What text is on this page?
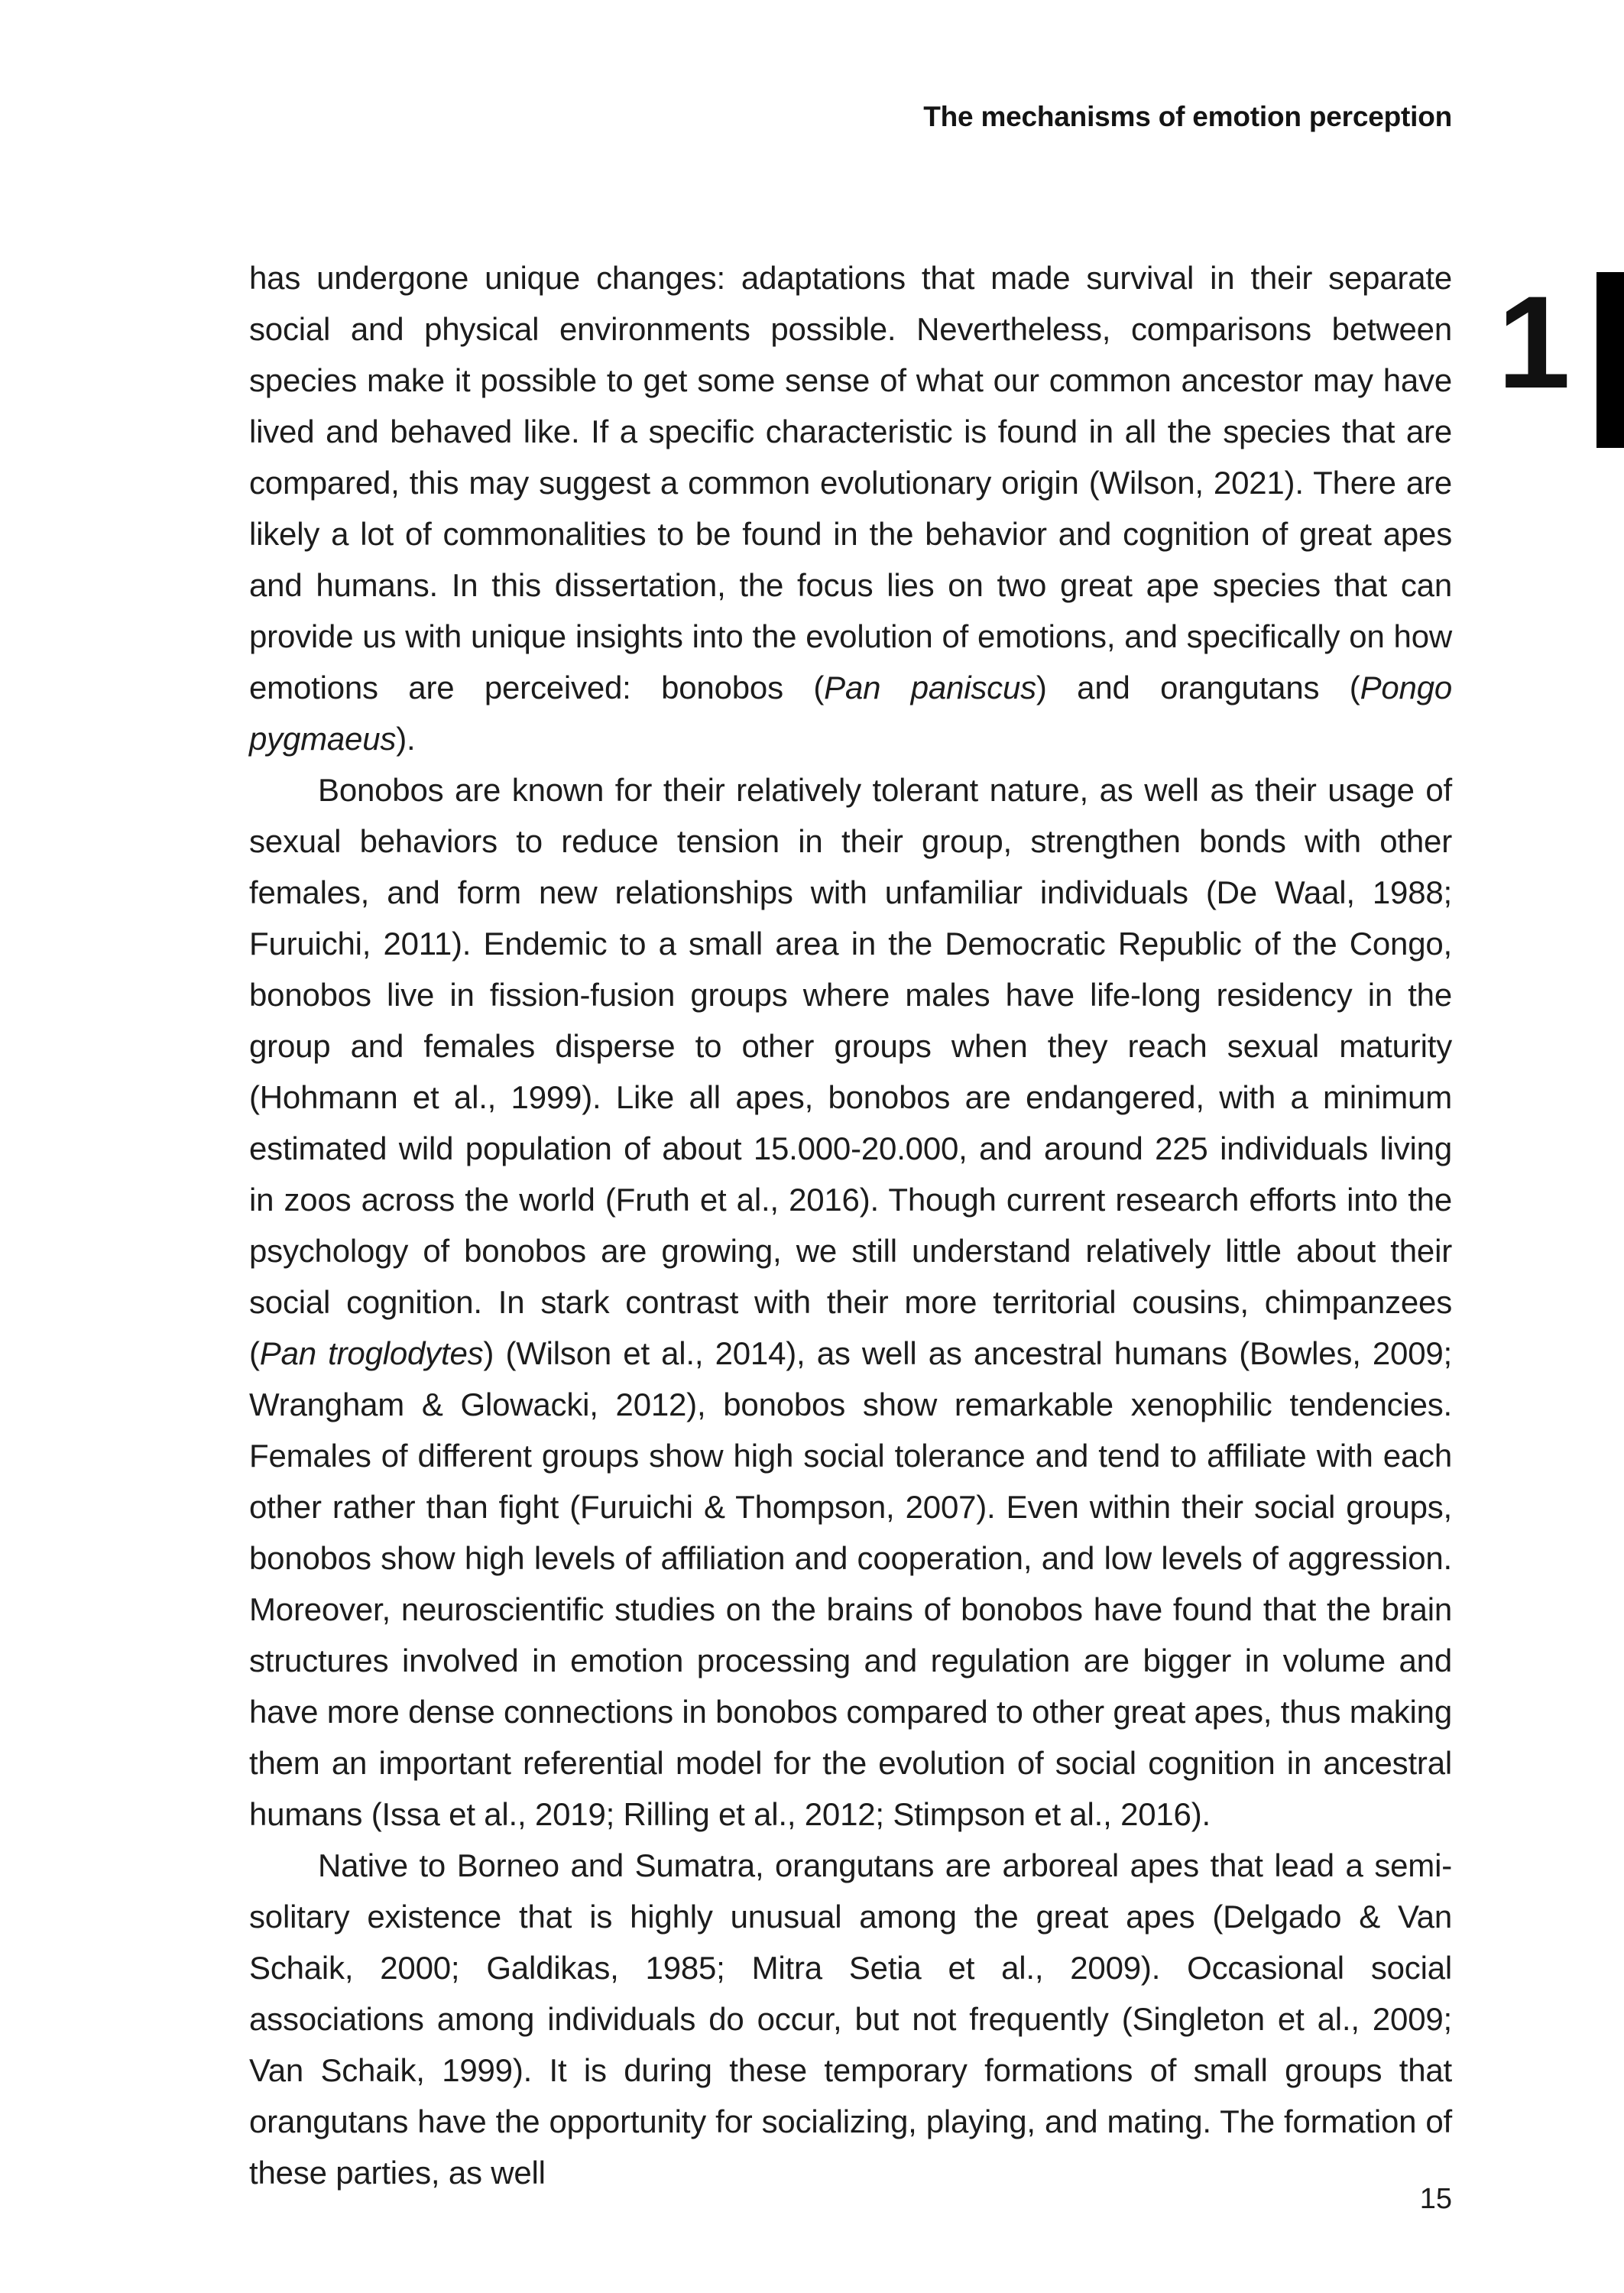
The mechanisms of emotion perception
1

has undergone unique changes: adaptations that made survival in their separate social and physical environments possible. Nevertheless, comparisons between species make it possible to get some sense of what our common ancestor may have lived and behaved like. If a specific characteristic is found in all the species that are compared, this may suggest a common evolutionary origin (Wilson, 2021). There are likely a lot of commonalities to be found in the behavior and cognition of great apes and humans. In this dissertation, the focus lies on two great ape species that can provide us with unique insights into the evolution of emotions, and specifically on how emotions are perceived: bonobos (Pan paniscus) and orangutans (Pongo pygmaeus).

Bonobos are known for their relatively tolerant nature, as well as their usage of sexual behaviors to reduce tension in their group, strengthen bonds with other females, and form new relationships with unfamiliar individuals (De Waal, 1988; Furuichi, 2011). Endemic to a small area in the Democratic Republic of the Congo, bonobos live in fission-fusion groups where males have life-long residency in the group and females disperse to other groups when they reach sexual maturity (Hohmann et al., 1999). Like all apes, bonobos are endangered, with a minimum estimated wild population of about 15.000-20.000, and around 225 individuals living in zoos across the world (Fruth et al., 2016). Though current research efforts into the psychology of bonobos are growing, we still understand relatively little about their social cognition. In stark contrast with their more territorial cousins, chimpanzees (Pan troglodytes) (Wilson et al., 2014), as well as ancestral humans (Bowles, 2009; Wrangham & Glowacki, 2012), bonobos show remarkable xenophilic tendencies. Females of different groups show high social tolerance and tend to affiliate with each other rather than fight (Furuichi & Thompson, 2007). Even within their social groups, bonobos show high levels of affiliation and cooperation, and low levels of aggression. Moreover, neuroscientific studies on the brains of bonobos have found that the brain structures involved in emotion processing and regulation are bigger in volume and have more dense connections in bonobos compared to other great apes, thus making them an important referential model for the evolution of social cognition in ancestral humans (Issa et al., 2019; Rilling et al., 2012; Stimpson et al., 2016).

Native to Borneo and Sumatra, orangutans are arboreal apes that lead a semi-solitary existence that is highly unusual among the great apes (Delgado & Van Schaik, 2000; Galdikas, 1985; Mitra Setia et al., 2009). Occasional social associations among individuals do occur, but not frequently (Singleton et al., 2009; Van Schaik, 1999). It is during these temporary formations of small groups that orangutans have the opportunity for socializing, playing, and mating. The formation of these parties, as well

15
